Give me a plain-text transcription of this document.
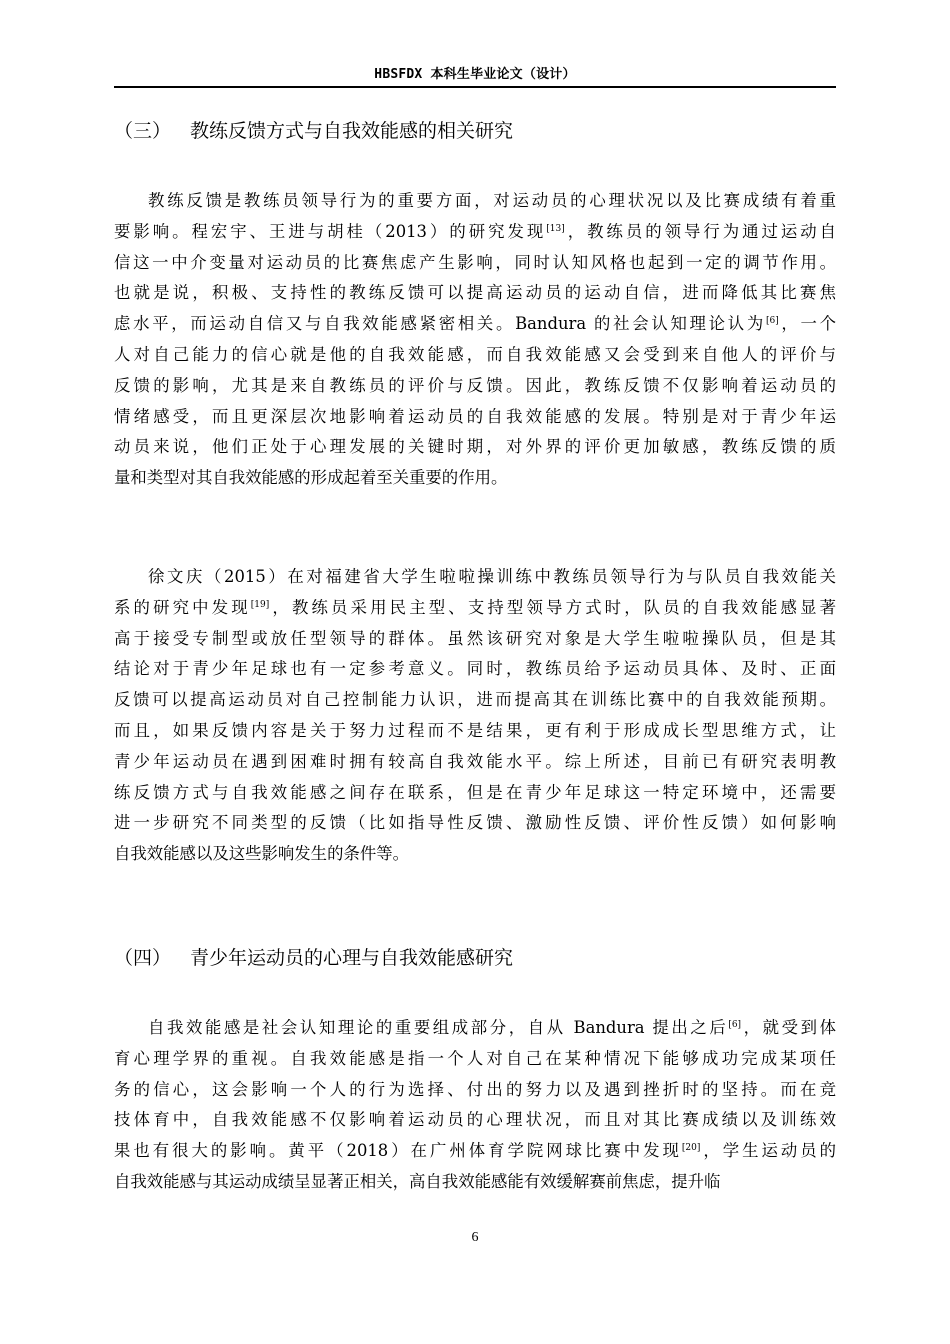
HBSFDX 本科生毕业论文（设计）
（三） 教练反馈方式与自我效能感的相关研究
教练反馈是教练员领导行为的重要方面，对运动员的心理状况以及比赛成绩有着重
要影响。程宏宇、王进与胡桂（2013）的研究发现[13]，教练员的领导行为通过运动自
信这一中介变量对运动员的比赛焦虑产生影响，同时认知风格也起到一定的调节作用。
也就是说，积极、支持性的教练反馈可以提高运动员的运动自信，进而降低其比赛焦
虑水平，而运动自信又与自我效能感紧密相关。Bandura 的社会认知理论认为[6]，一个
人对自己能力的信心就是他的自我效能感，而自我效能感又会受到来自他人的评价与
反馈的影响，尤其是来自教练员的评价与反馈。因此，教练反馈不仅影响着运动员的
情绪感受，而且更深层次地影响着运动员的自我效能感的发展。特别是对于青少年运
动员来说，他们正处于心理发展的关键时期，对外界的评价更加敏感，教练反馈的质
量和类型对其自我效能感的形成起着至关重要的作用。
徐文庆（2015）在对福建省大学生啦啦操训练中教练员领导行为与队员自我效能关
系的研究中发现[19]，教练员采用民主型、支持型领导方式时，队员的自我效能感显著
高于接受专制型或放任型领导的群体。虽然该研究对象是大学生啦啦操队员，但是其
结论对于青少年足球也有一定参考意义。同时，教练员给予运动员具体、及时、正面
反馈可以提高运动员对自己控制能力认识，进而提高其在训练比赛中的自我效能预期。
而且，如果反馈内容是关于努力过程而不是结果，更有利于形成成长型思维方式，让
青少年运动员在遇到困难时拥有较高自我效能水平。综上所述，目前已有研究表明教
练反馈方式与自我效能感之间存在联系，但是在青少年足球这一特定环境中，还需要
进一步研究不同类型的反馈（比如指导性反馈、激励性反馈、评价性反馈）如何影响
自我效能感以及这些影响发生的条件等。
（四） 青少年运动员的心理与自我效能感研究
自我效能感是社会认知理论的重要组成部分，自从 Bandura 提出之后[6]，就受到体
育心理学界的重视。自我效能感是指一个人对自己在某种情况下能够成功完成某项任
务的信心，这会影响一个人的行为选择、付出的努力以及遇到挫折时的坚持。而在竞
技体育中，自我效能感不仅影响着运动员的心理状况，而且对其比赛成绩以及训练效
果也有很大的影响。黄平（2018）在广州体育学院网球比赛中发现[20]，学生运动员的
自我效能感与其运动成绩呈显著正相关，高自我效能感能有效缓解赛前焦虑，提升临
6
